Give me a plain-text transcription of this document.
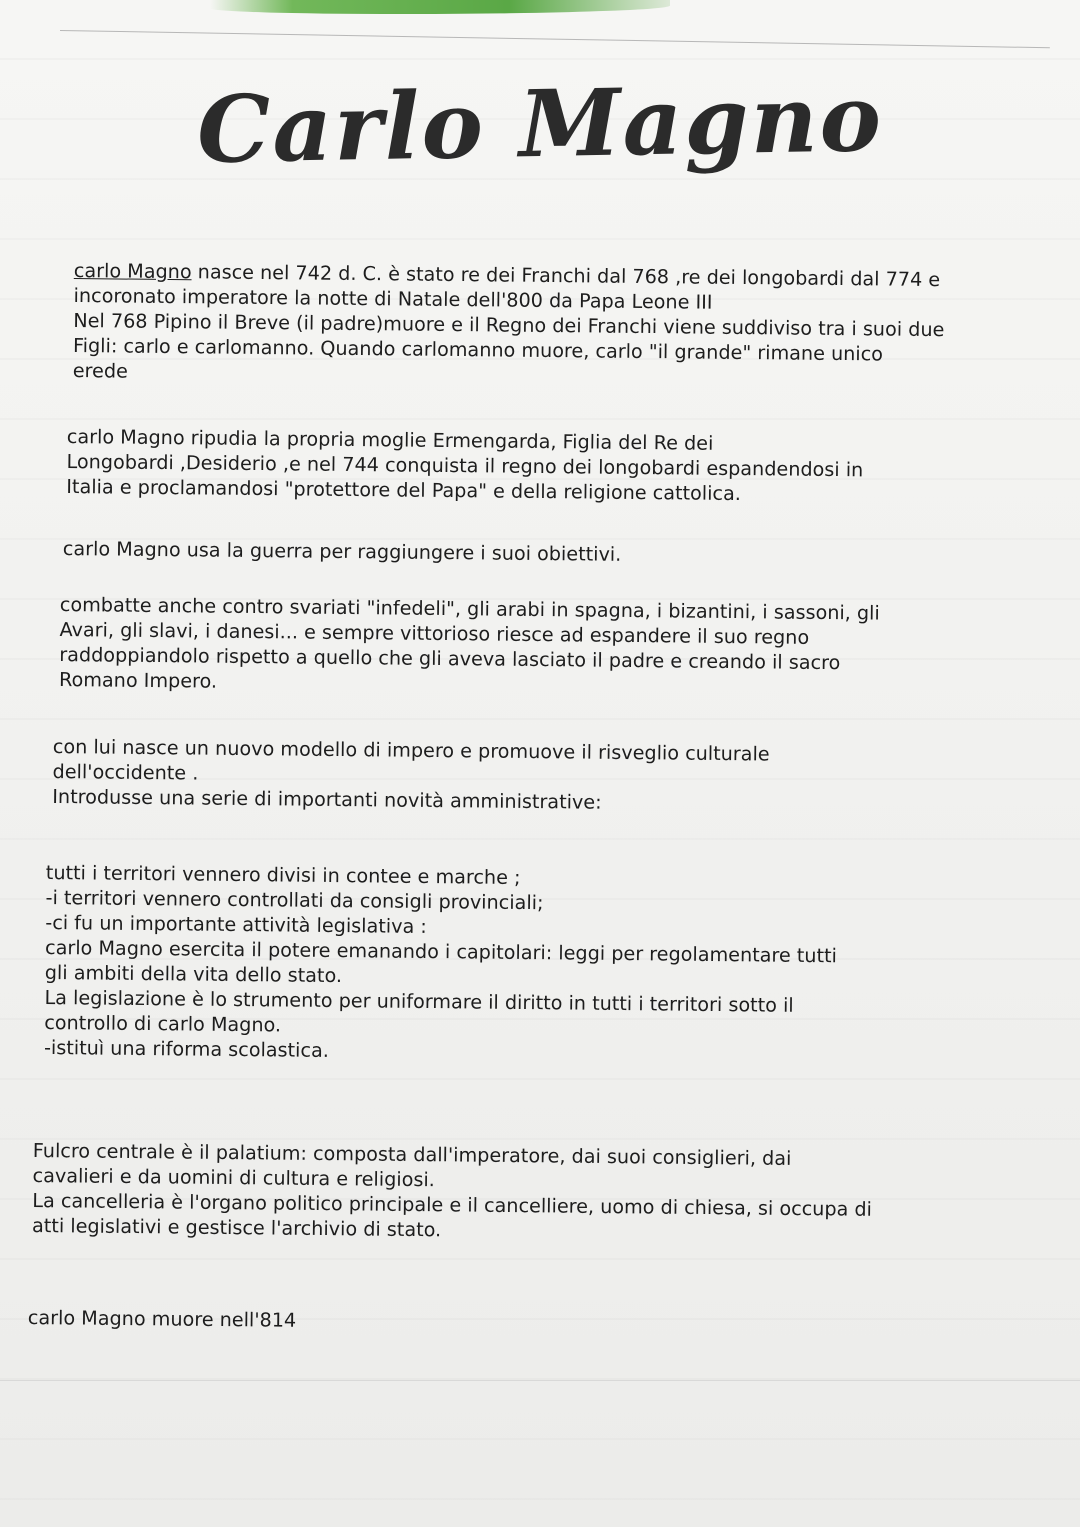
Carlo Magno
carlo Magno nasce nel 742 d. C. è stato re dei Franchi dal 768 ,re dei longobardi dal 774 e
incoronato imperatore la notte di Natale dell'800 da Papa Leone III
Nel 768 Pipino il Breve (il padre)muore e il Regno dei Franchi viene suddiviso tra i suoi due
Figli: carlo e carlomanno. Quando carlomanno muore, carlo "il grande" rimane unico
erede
carlo Magno ripudia la propria moglie Ermengarda, Figlia del Re dei
Longobardi ,Desiderio ,e nel 744 conquista il regno dei longobardi espandendosi in
Italia e proclamandosi "protettore del Papa" e della religione cattolica.
carlo Magno usa la guerra per raggiungere i suoi obiettivi.
combatte anche contro svariati "infedeli", gli arabi in spagna, i bizantini, i sassoni, gli
Avari, gli slavi, i danesi... e sempre vittorioso riesce ad espandere il suo regno
raddoppiandolo rispetto a quello che gli aveva lasciato il padre e creando il sacro
Romano Impero.
con lui nasce un nuovo modello di impero e promuove il risveglio culturale
dell'occidente .
Introdusse una serie di importanti novità amministrative:
tutti i territori vennero divisi in contee e marche ;
-i territori vennero controllati da consigli provinciali;
-ci fu un importante attività legislativa :
carlo Magno esercita il potere emanando i capitolari: leggi per regolamentare tutti
gli ambiti della vita dello stato.
La legislazione è lo strumento per uniformare il diritto in tutti i territori sotto il
controllo di carlo Magno.
-istituì una riforma scolastica.
Fulcro centrale è il palatium: composta dall'imperatore, dai suoi consiglieri, dai
cavalieri e da uomini di cultura e religiosi.
La cancelleria è l'organo politico principale e il cancelliere, uomo di chiesa, si occupa di
atti legislativi e gestisce l'archivio di stato.
carlo Magno muore nell'814
